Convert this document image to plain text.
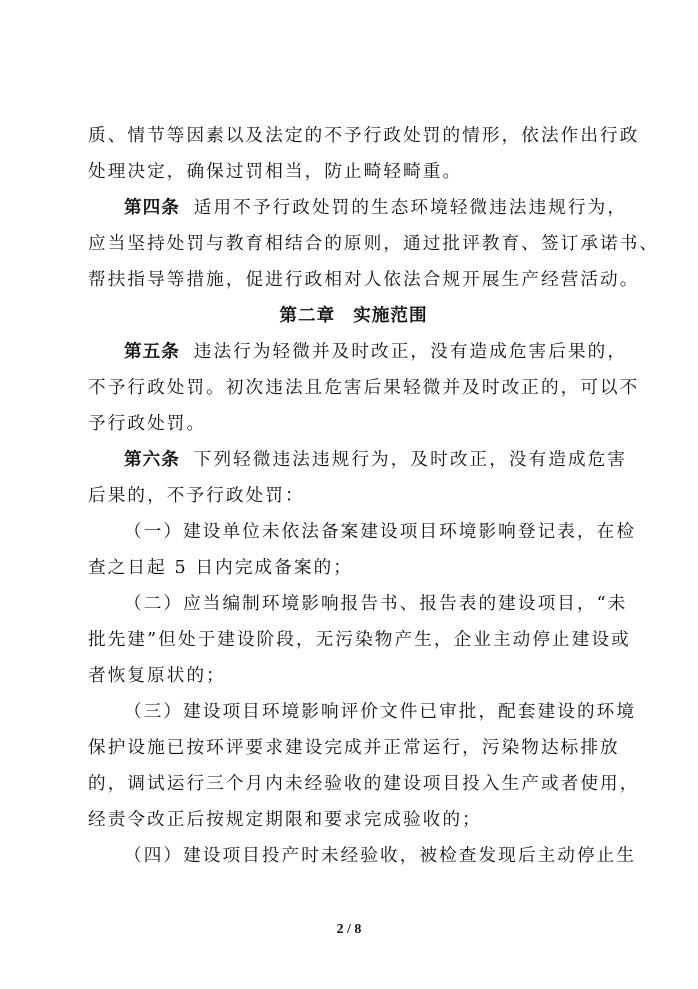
质、情节等因素以及法定的不予行政处罚的情形，依法作出行政
处理决定，确保过罚相当，防止畸轻畸重。
第四条 适用不予行政处罚的生态环境轻微违法违规行为，
应当坚持处罚与教育相结合的原则，通过批评教育、签订承诺书、
帮扶指导等措施，促进行政相对人依法合规开展生产经营活动。
第二章 实施范围
第五条 违法行为轻微并及时改正，没有造成危害后果的，
不予行政处罚。初次违法且危害后果轻微并及时改正的，可以不
予行政处罚。
第六条 下列轻微违法违规行为，及时改正，没有造成危害
后果的，不予行政处罚：
（一）建设单位未依法备案建设项目环境影响登记表，在检
查之日起 5 日内完成备案的；
（二）应当编制环境影响报告书、报告表的建设项目，“未
批先建”但处于建设阶段，无污染物产生，企业主动停止建设或
者恢复原状的；
（三）建设项目环境影响评价文件已审批，配套建设的环境
保护设施已按环评要求建设完成并正常运行，污染物达标排放
的，调试运行三个月内未经验收的建设项目投入生产或者使用，
经责令改正后按规定期限和要求完成验收的；
（四）建设项目投产时未经验收，被检查发现后主动停止生
2 / 8
